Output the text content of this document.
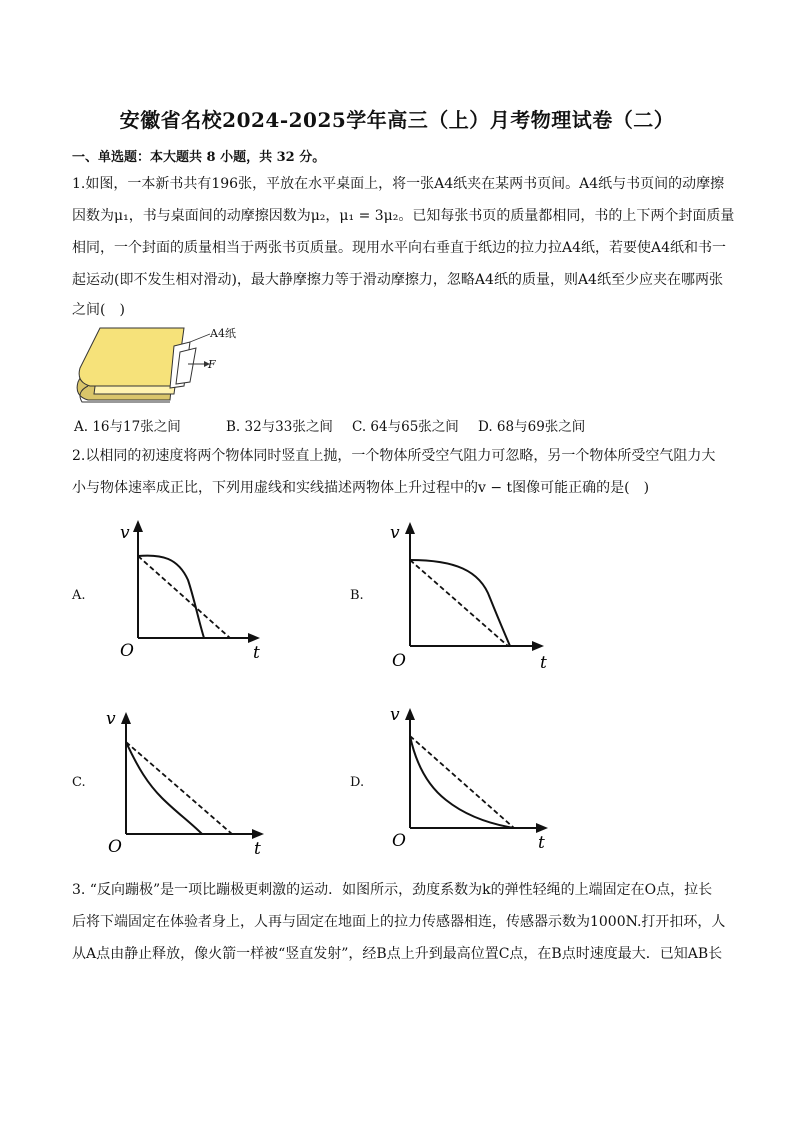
安徽省名校2024-2025学年高三（上）月考物理试卷（二）
一、单选题：本大题共 8 小题，共 32 分。
1.如图，一本新书共有196张，平放在水平桌面上，将一张A4纸夹在某两书页间。A4纸与书页间的动摩擦
因数为μ₁，书与桌面间的动摩擦因数为μ₂，μ₁ = 3μ₂。已知每张书页的质量都相同，书的上下两个封面质量
相同，一个封面的质量相当于两张书页质量。现用水平向右垂直于纸边的拉力拉A4纸，若要使A4纸和书一
起运动(即不发生相对滑动)，最大静摩擦力等于滑动摩擦力，忽略A4纸的质量，则A4纸至少应夹在哪两张
之间(　)
A4纸
F
A. 16与17张之间	B. 32与33张之间 C. 64与65张之间 D. 68与69张之间
2.以相同的初速度将两个物体同时竖直上抛，一个物体所受空气阻力可忽略，另一个物体所受空气阻力大
小与物体速率成正比，下列用虚线和实线描述两物体上升过程中的v − t图像可能正确的是(　)
A.	B.
C.	D.
v
t
O
v
t
O
v
t
O
v
t
O
3. “反向蹦极”是一项比蹦极更刺激的运动．如图所示，劲度系数为k的弹性轻绳的上端固定在O点，拉长
后将下端固定在体验者身上，人再与固定在地面上的拉力传感器相连，传感器示数为1000N.打开扣环，人
从A点由静止释放，像火箭一样被“竖直发射”，经B点上升到最高位置C点，在B点时速度最大．已知AB长
